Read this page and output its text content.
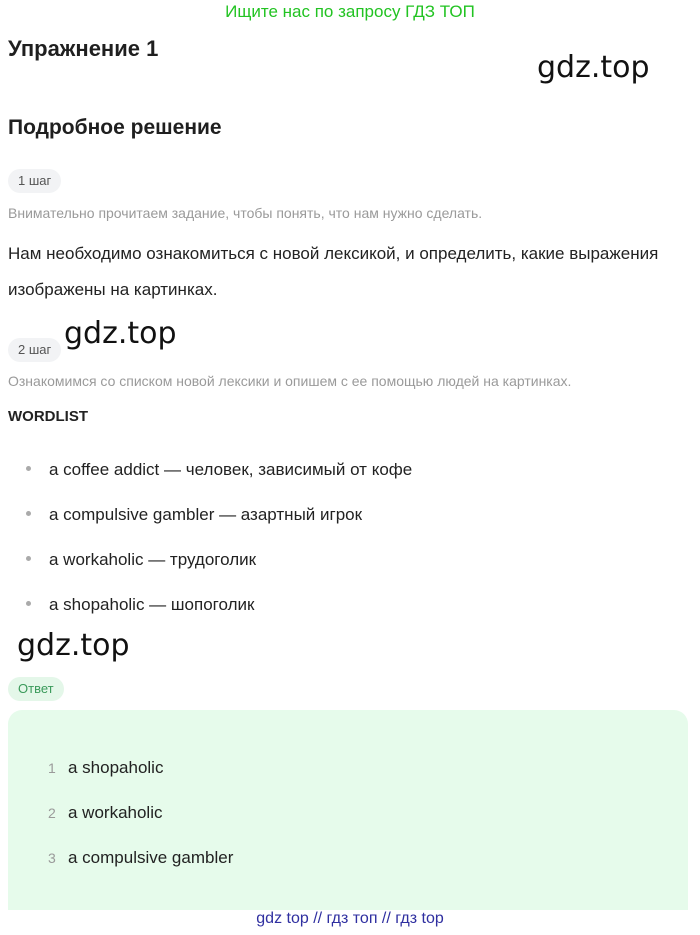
Ищите нас по запросу ГДЗ ТОП
Упражнение 1
gdz.top
gdz.top
gdz.top
Подробное решение
1 шаг
Внимательно прочитаем задание, чтобы понять, что нам нужно сделать.
Нам необходимо ознакомиться с новой лексикой, и определить, какие выражения изображены на картинках.
2 шаг
Ознакомимся со списком новой лексики и опишем с ее помощью людей на картинках.
WORDLIST
a coffee addict — человек, зависимый от кофе
a compulsive gambler — азартный игрок
a workaholic — трудоголик
a shopaholic — шопоголик
Ответ
1 a shopaholic
2 a workaholic
3 a compulsive gambler
gdz top // гдз топ // гдз top
